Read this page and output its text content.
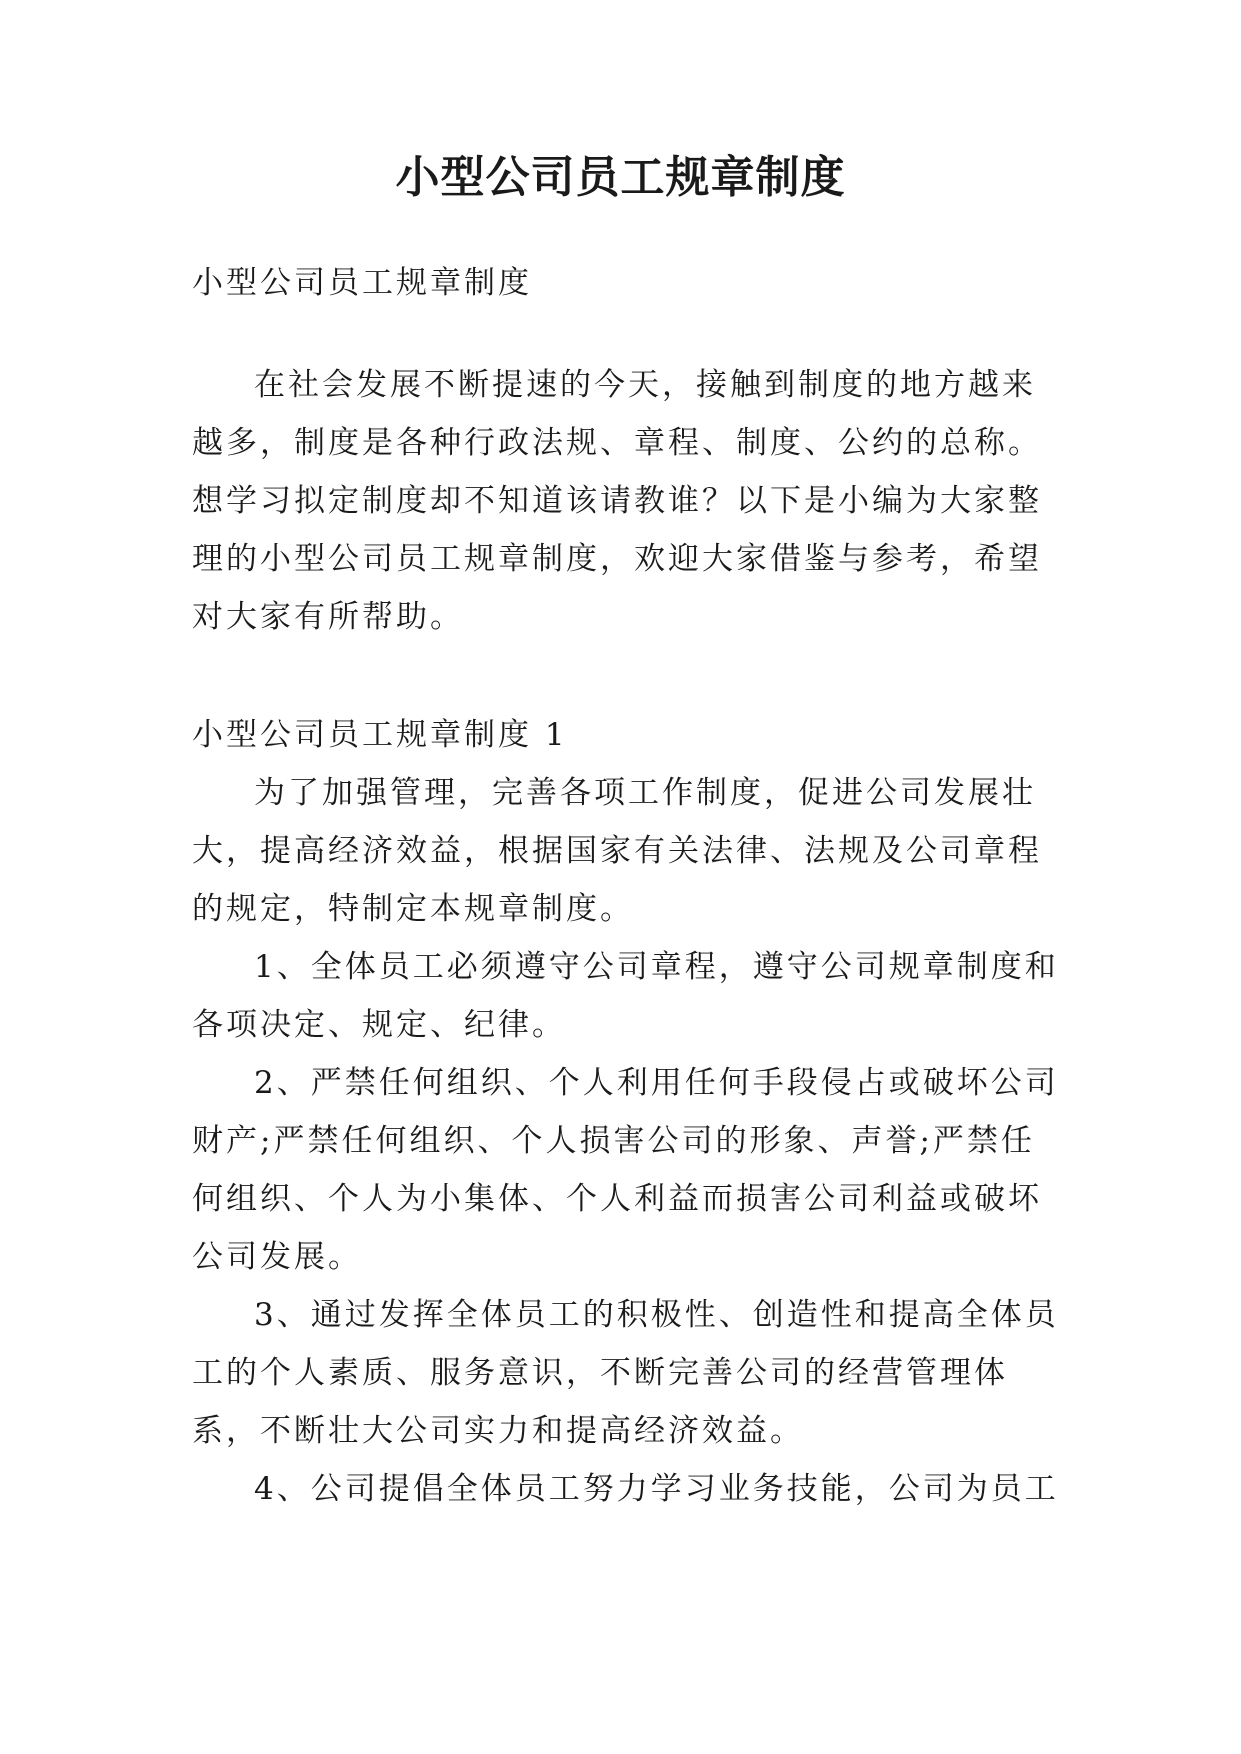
小型公司员工规章制度
小型公司员工规章制度

在社会发展不断提速的今天，接触到制度的地方越来越多，制度是各种行政法规、章程、制度、公约的总称。想学习拟定制度却不知道该请教谁？以下是小编为大家整理的小型公司员工规章制度，欢迎大家借鉴与参考，希望对大家有所帮助。

小型公司员工规章制度 1

为了加强管理，完善各项工作制度，促进公司发展壮大，提高经济效益，根据国家有关法律、法规及公司章程的规定，特制定本规章制度。

1、全体员工必须遵守公司章程，遵守公司规章制度和各项决定、规定、纪律。

2、严禁任何组织、个人利用任何手段侵占或破坏公司财产;严禁任何组织、个人损害公司的形象、声誉;严禁任何组织、个人为小集体、个人利益而损害公司利益或破坏公司发展。

3、通过发挥全体员工的积极性、创造性和提高全体员工的个人素质、服务意识，不断完善公司的经营管理体系，不断壮大公司实力和提高经济效益。

4、公司提倡全体员工努力学习业务技能，公司为员工
